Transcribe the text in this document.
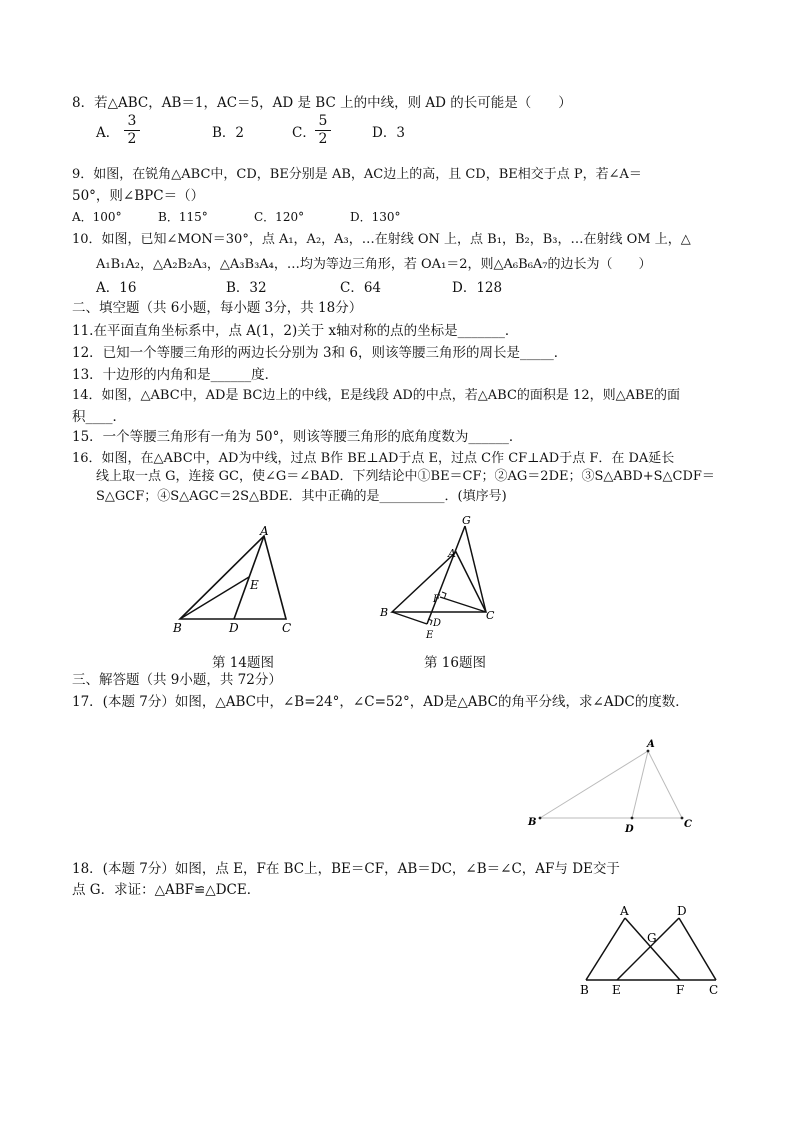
8．若△ABC，AB＝1，AC＝5，AD 是 BC 上的中线，则 AD 的长可能是（　　）
A．
3
2	B．2	C．
5
2	D．3
9．如图，在锐角△ABC中，CD，BE分别是 AB，AC边上的高，且 CD，BE相交于点 P，若∠A＝
50°，则∠BPC＝（）
A．100°	B．115°	C．120°	D．130°
10．如图，已知∠MON＝30°，点 A₁，A₂，A₃，…在射线 ON 上，点 B₁，B₂，B₃，…在射线 OM 上，△
A₁B₁A₂，△A₂B₂A₃，△A₃B₃A₄，…均为等边三角形，若 OA₁＝2，则△A₆B₆A₇的边长为（　　）
A．16	B．32	C．64	D．128
二、填空题（共 6小题，每小题 3分，共 18分）
11.在平面直角坐标系中，点 A(1，2)关于 x轴对称的点的坐标是_______．
12．已知一个等腰三角形的两边长分别为 3和 6，则该等腰三角形的周长是_____．
13．十边形的内角和是______度．
14．如图，△ABC中，AD是 BC边上的中线，E是线段 AD的中点，若△ABC的面积是 12，则△ABE的面
积____．
15．一个等腰三角形有一角为 50°，则该等腰三角形的底角度数为______．
16．如图，在△ABC中，AD为中线，过点 B作 BE⊥AD于点 E，过点 C作 CF⊥AD于点 F．在 DA延长
线上取一点 G，连接 GC，使∠G＝∠BAD．下列结论中①BE＝CF；②AG＝2DE；③S△ABD+S△CDF＝
S△GCF；④S△AGC＝2S△BDE．其中正确的是__________．(填序号)
A
B	C
D
E
第 14题图
G
A
B	C
D
E
F
第 16题图
三、解答题（共 9小题，共 72分）
17．(本题 7分）如图，△ABC中，∠B=24°，∠C=52°，AD是△ABC的角平分线，求∠ADC的度数．
A
B	C
D
18．(本题 7分）如图，点 E，F在 BC上，BE＝CF，AB＝DC，∠B＝∠C，AF与 DE交于
点 G．求证：△ABF≌△DCE．
A	D
G
B E	F C
